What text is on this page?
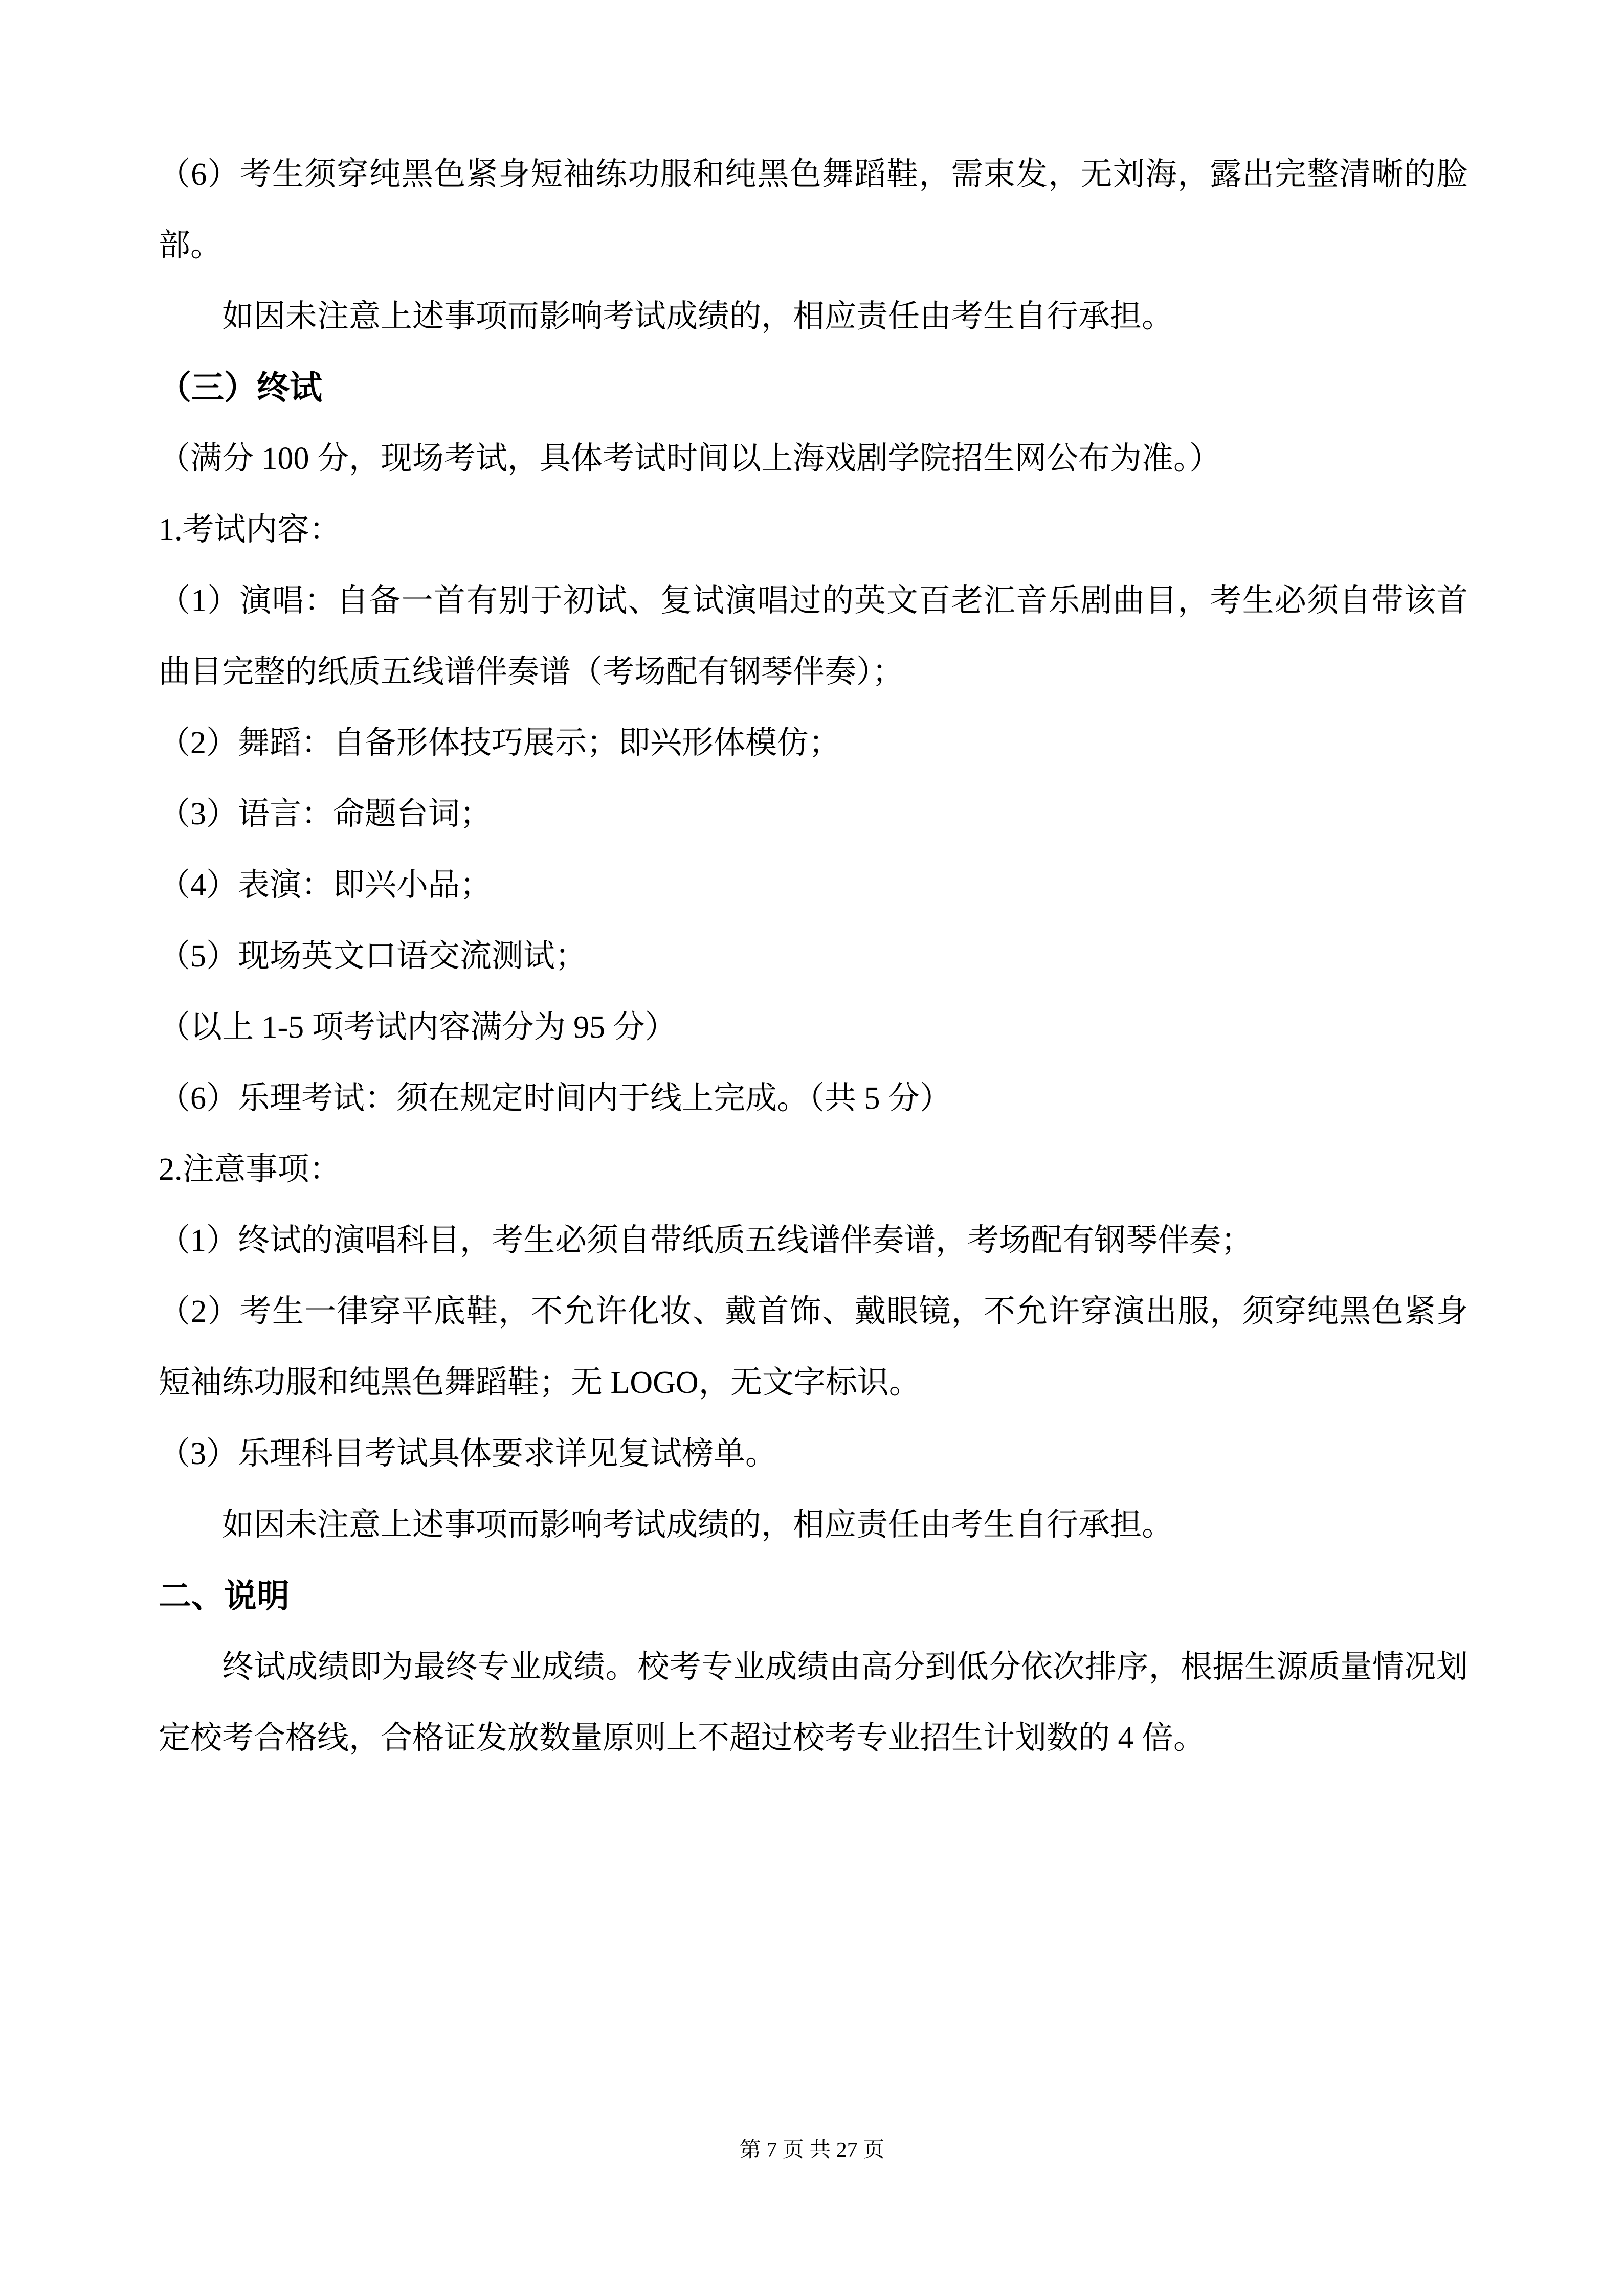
（6）考生须穿纯黑色紧身短袖练功服和纯黑色舞蹈鞋，需束发，无刘海，露出完整清晰的脸部。

如因未注意上述事项而影响考试成绩的，相应责任由考生自行承担。

（三）终试

（满分 100 分，现场考试，具体考试时间以上海戏剧学院招生网公布为准。）

1.考试内容：

（1）演唱：自备一首有别于初试、复试演唱过的英文百老汇音乐剧曲目，考生必须自带该首曲目完整的纸质五线谱伴奏谱（考场配有钢琴伴奏）；

（2）舞蹈：自备形体技巧展示；即兴形体模仿；

（3）语言：命题台词；

（4）表演：即兴小品；

（5）现场英文口语交流测试；

（以上 1-5 项考试内容满分为 95 分）

（6）乐理考试：须在规定时间内于线上完成。（共 5 分）

2.注意事项：

（1）终试的演唱科目，考生必须自带纸质五线谱伴奏谱，考场配有钢琴伴奏；

（2）考生一律穿平底鞋，不允许化妆、戴首饰、戴眼镜，不允许穿演出服，须穿纯黑色紧身短袖练功服和纯黑色舞蹈鞋；无 LOGO，无文字标识。

（3）乐理科目考试具体要求详见复试榜单。

如因未注意上述事项而影响考试成绩的，相应责任由考生自行承担。

二、说明

终试成绩即为最终专业成绩。校考专业成绩由高分到低分依次排序，根据生源质量情况划定校考合格线，合格证发放数量原则上不超过校考专业招生计划数的 4 倍。

第 7 页 共 27 页
